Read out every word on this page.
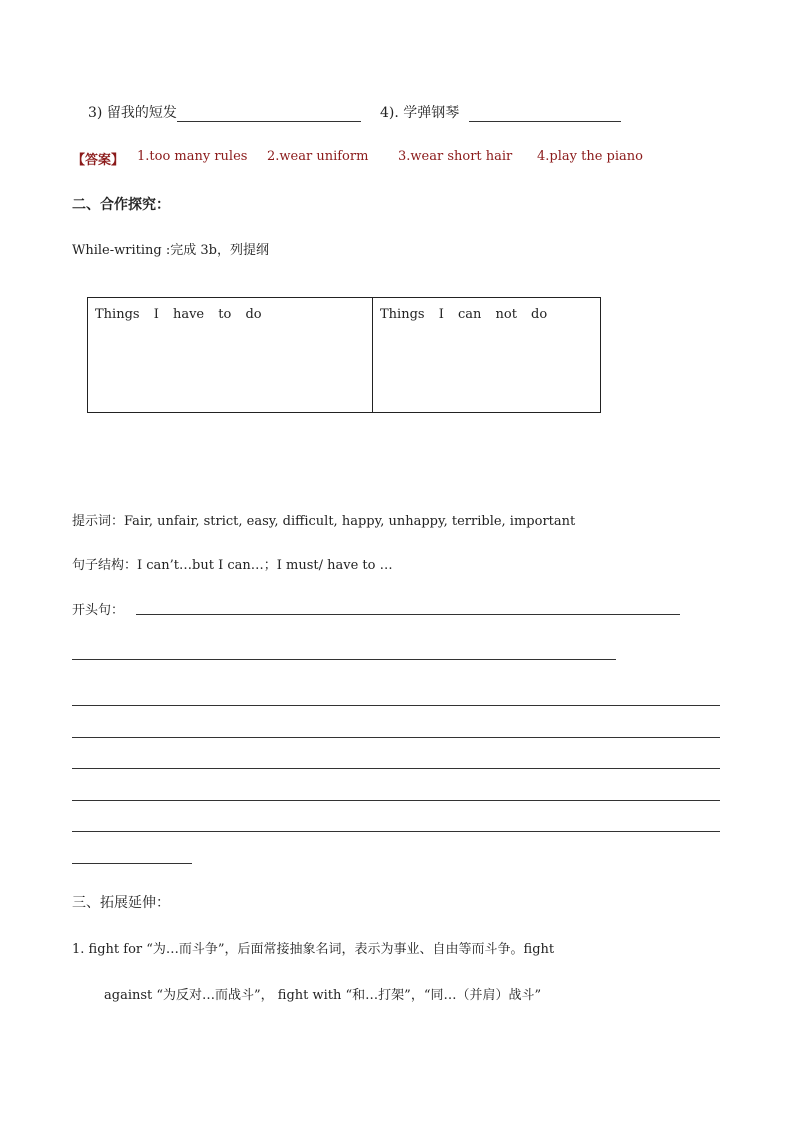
3) 留我的短发	4). 学弹钢琴
【答案】 1.too many rules 2.wear uniform 3.wear short hair 4.play the piano
二、合作探究：
While-writing :完成 3b，列提纲
Things I have to do	Things I can not do
提示词：Fair, unfair, strict, easy, difficult, happy, unhappy, terrible, important
句子结构：I can’t…but I can…；I must/ have to …
开头句：
三、拓展延伸：
1. fight for “为…而斗争”，后面常接抽象名词，表示为事业、自由等而斗争。fight
against “为反对…而战斗”， fight with “和…打架”，“同…（并肩）战斗”
